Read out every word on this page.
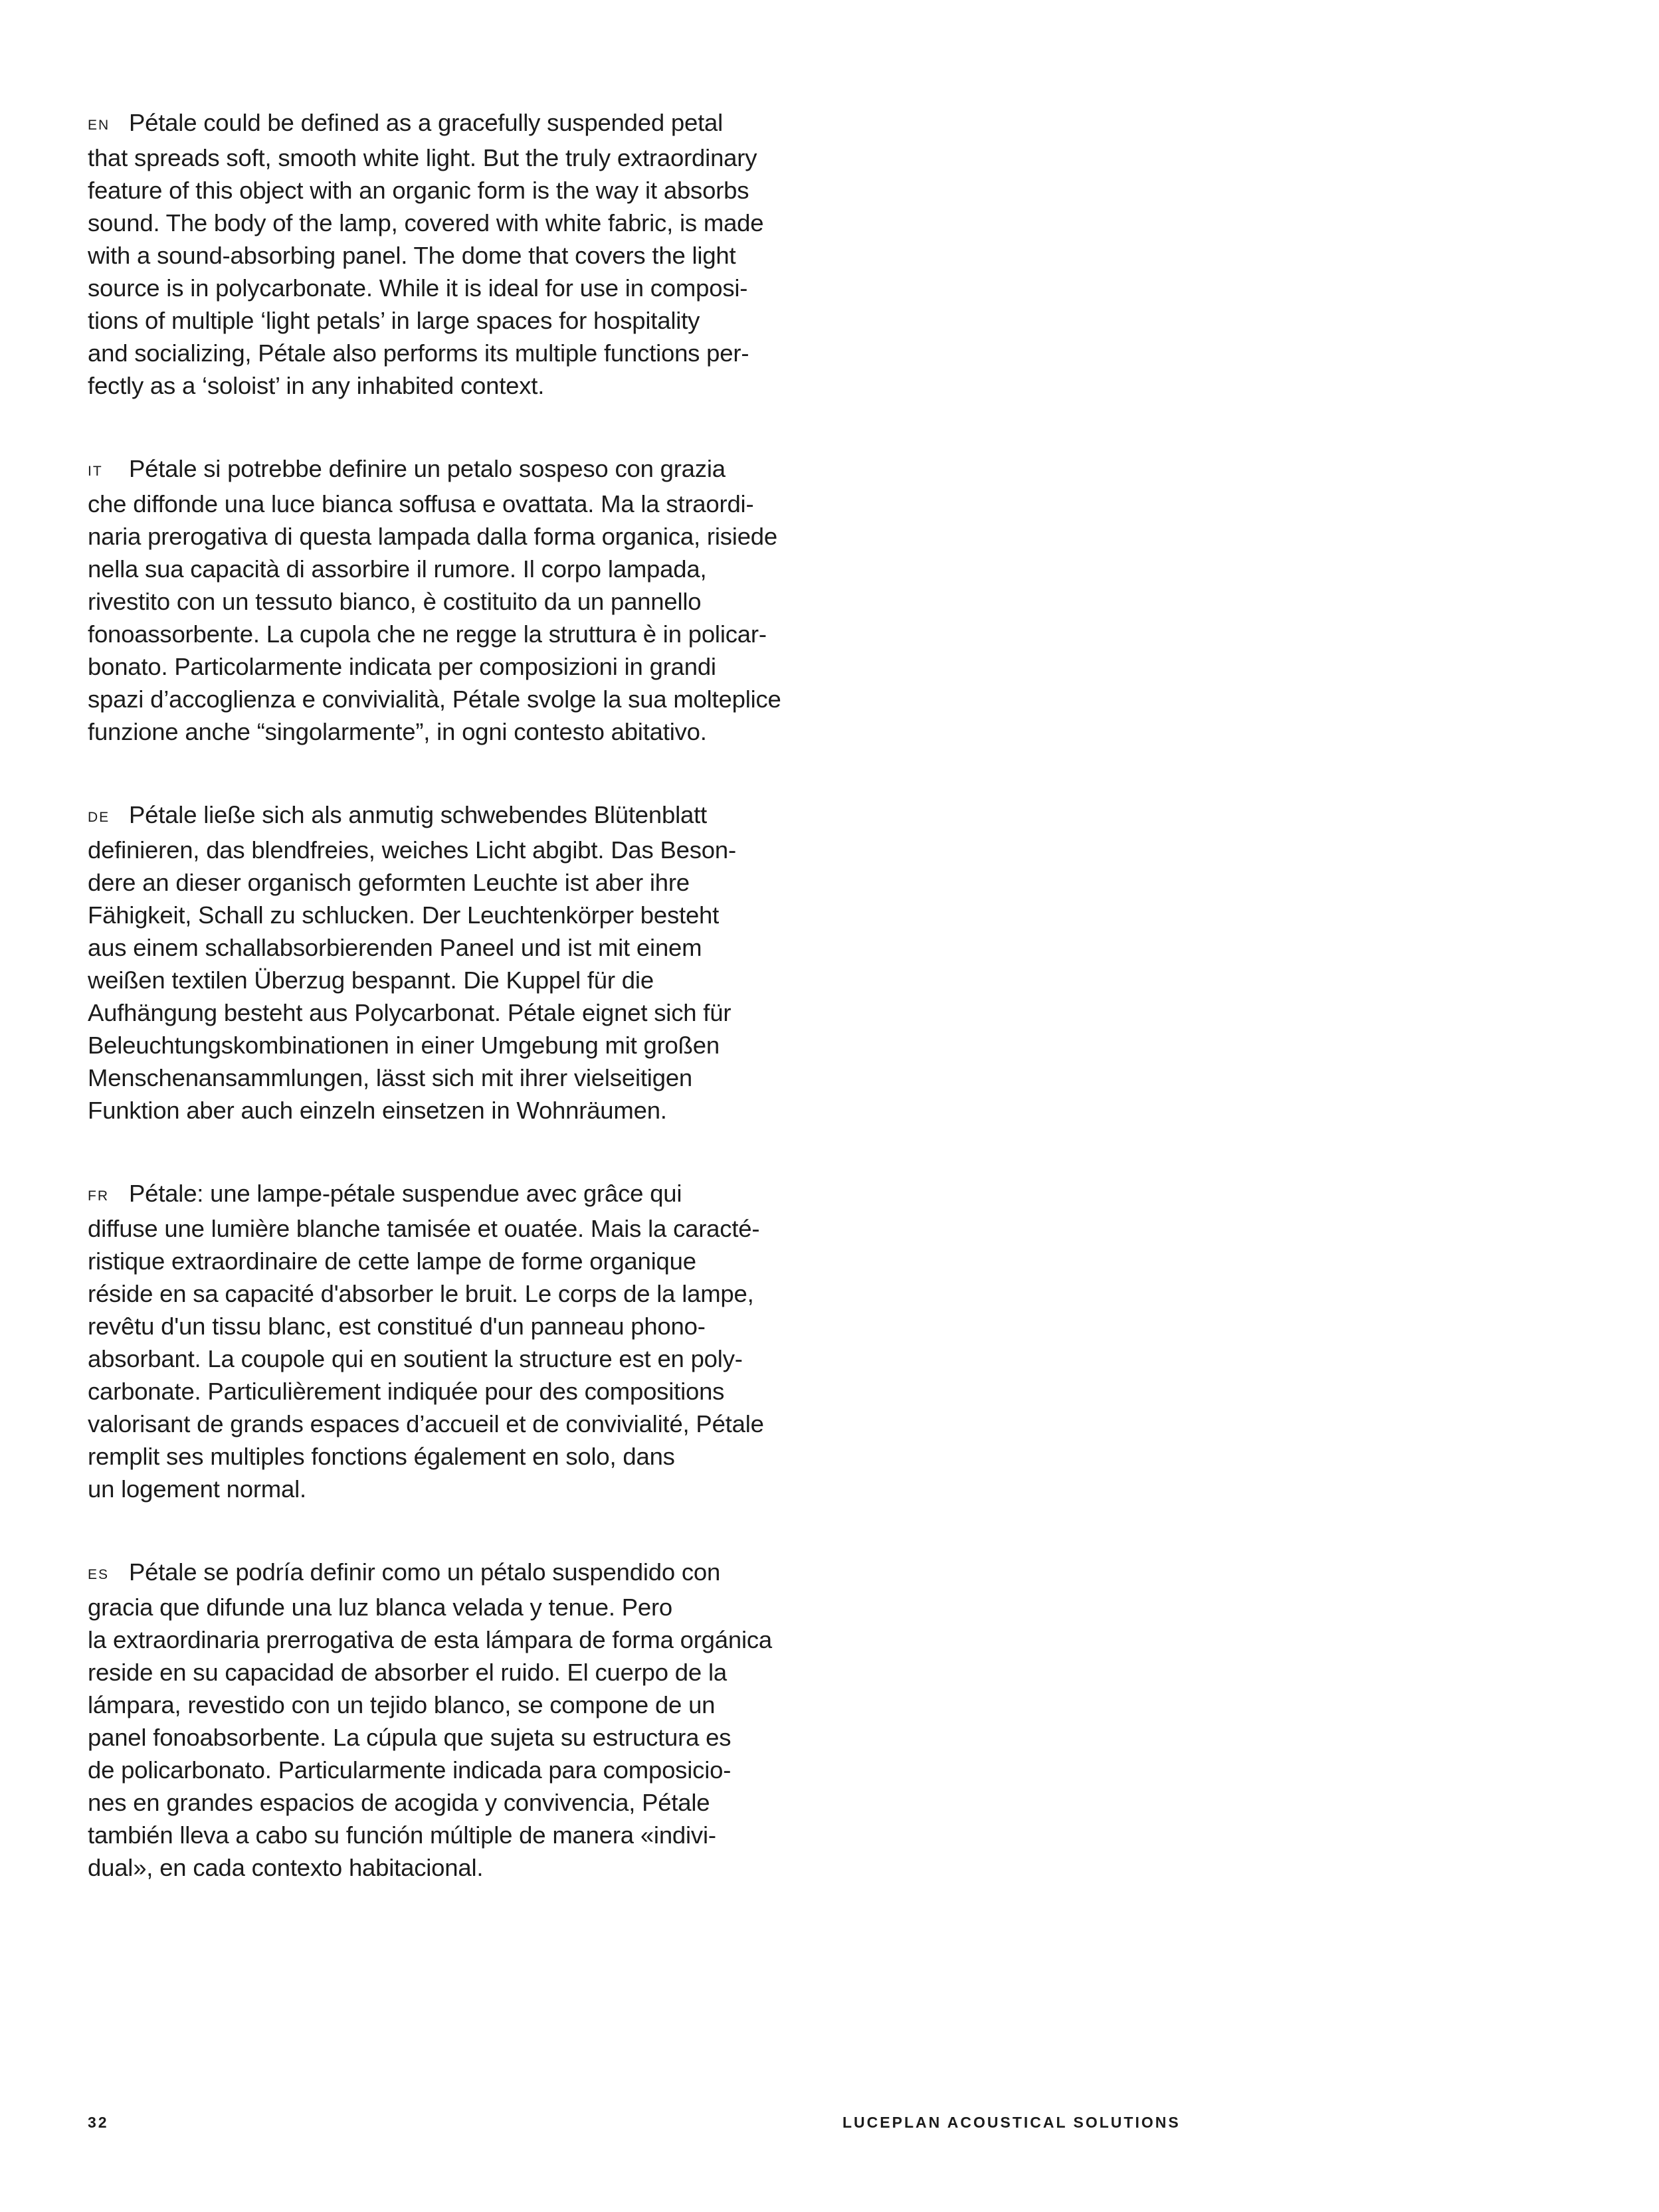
EN Pétale could be defined as a gracefully suspended petal
that spreads soft, smooth white light. But the truly extraordinary
feature of this object with an organic form is the way it absorbs
sound. The body of the lamp, covered with white fabric, is made
with a sound-absorbing panel. The dome that covers the light
source is in polycarbonate. While it is ideal for use in composi-
tions of multiple ‘light petals’ in large spaces for hospitality
and socializing, Pétale also performs its multiple functions per-
fectly as a ‘soloist’ in any inhabited context.
IT Pétale si potrebbe definire un petalo sospeso con grazia
che diffonde una luce bianca soffusa e ovattata. Ma la straordi-
naria prerogativa di questa lampada dalla forma organica, risiede
nella sua capacità di assorbire il rumore. Il corpo lampada,
rivestito con un tessuto bianco, è costituito da un pannello
fonoassorbente. La cupola che ne regge la struttura è in policar-
bonato. Particolarmente indicata per composizioni in grandi
spazi d’accoglienza e convivialità, Pétale svolge la sua molteplice
funzione anche “singolarmente”, in ogni contesto abitativo.
DE Pétale ließe sich als anmutig schwebendes Blütenblatt
definieren, das blendfreies, weiches Licht abgibt. Das Beson-
dere an dieser organisch geformten Leuchte ist aber ihre
Fähigkeit, Schall zu schlucken. Der Leuchtenkörper besteht
aus einem schallabsorbierenden Paneel und ist mit einem
weißen textilen Überzug bespannt. Die Kuppel für die
Aufhängung besteht aus Polycarbonat. Pétale eignet sich für
Beleuchtungskombinationen in einer Umgebung mit großen
Menschenansammlungen, lässt sich mit ihrer vielseitigen
Funktion aber auch einzeln einsetzen in Wohnräumen.
FR Pétale: une lampe-pétale suspendue avec grâce qui
diffuse une lumière blanche tamisée et ouatée. Mais la caracté-
ristique extraordinaire de cette lampe de forme organique
réside en sa capacité d'absorber le bruit. Le corps de la lampe,
revêtu d'un tissu blanc, est constitué d'un panneau phono-
absorbant. La coupole qui en soutient la structure est en poly-
carbonate. Particulièrement indiquée pour des compositions
valorisant de grands espaces d’accueil et de convivialité, Pétale
remplit ses multiples fonctions également en solo, dans
un logement normal.
ES Pétale se podría definir como un pétalo suspendido con
gracia que difunde una luz blanca velada y tenue. Pero
la extraordinaria prerrogativa de esta lámpara de forma orgánica
reside en su capacidad de absorber el ruido. El cuerpo de la
lámpara, revestido con un tejido blanco, se compone de un
panel fonoabsorbente. La cúpula que sujeta su estructura es
de policarbonato. Particularmente indicada para composicio-
nes en grandes espacios de acogida y convivencia, Pétale
también lleva a cabo su función múltiple de manera «indivi-
dual», en cada contexto habitacional.
32	LUCEPLAN ACOUSTICAL SOLUTIONS
